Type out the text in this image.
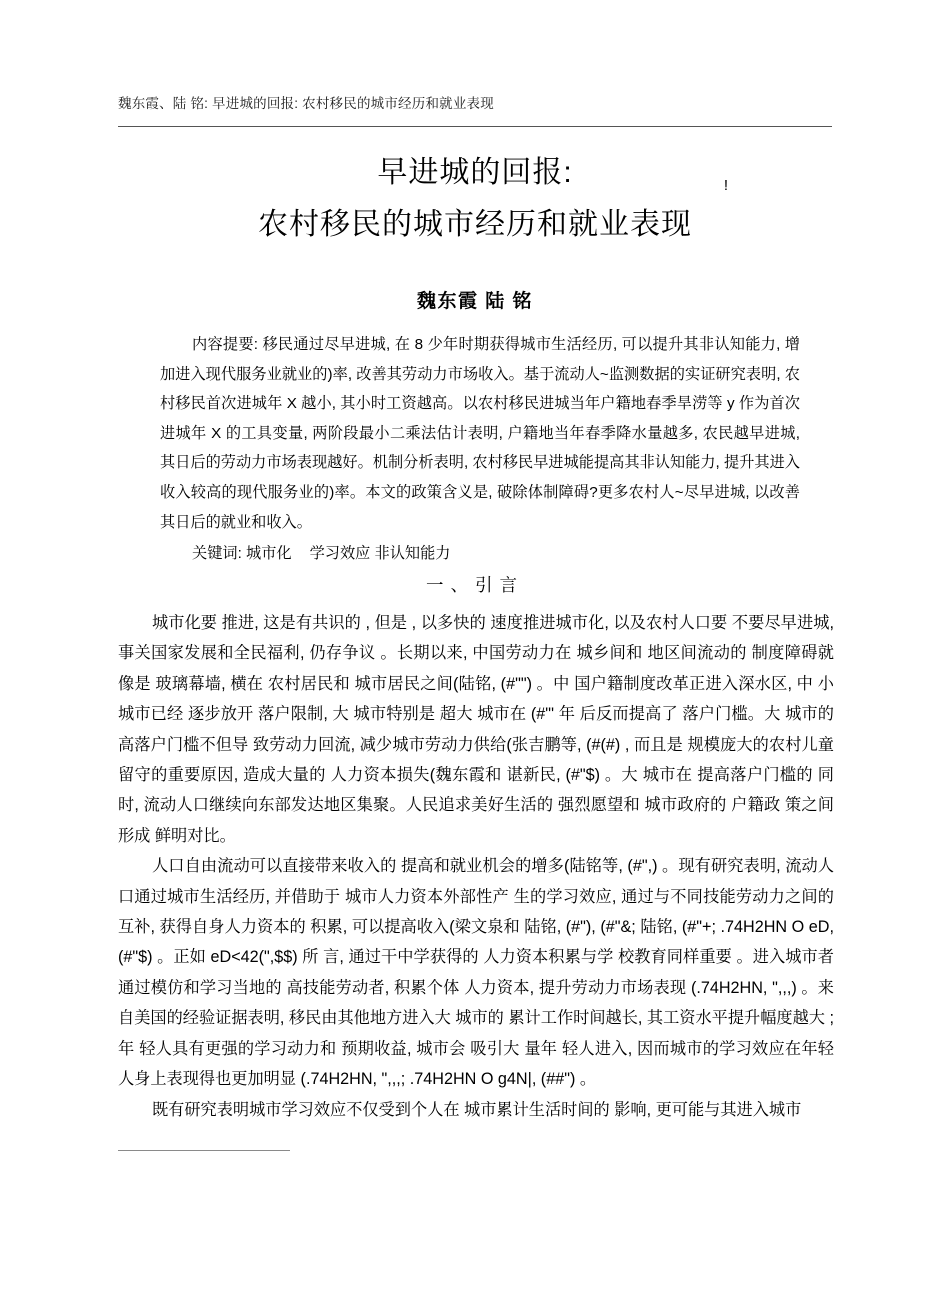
魏东霞、陆 铭: 早进城的回报: 农村移民的城市经历和就业表现
早进城的回报:	!
农村移民的城市经历和就业表现
魏东霞 陆 铭

内容提要: 移民通过尽早进城, 在 8 少年时期获得城市生活经历, 可以提升其非认知能力, 增加进入现代服务业就业的)率, 改善其劳动力市场收入。基于流动人~监测数据的实证研究表明, 农村移民首次进城年 X 越小, 其小时工资越高。以农村移民进城当年户籍地春季旱涝等 y 作为首次进城年 X 的工具变量, 两阶段最小二乘法估计表明, 户籍地当年春季降水量越多, 农民越早进城, 其日后的劳动力市场表现越好。机制分析表明, 农村移民早进城能提高其非认知能力, 提升其进入收入较高的现代服务业的)率。本文的政策含义是, 破除体制障碍?更多农村人~尽早进城, 以改善其日后的就业和收入。

关键词: 城市化 学习效应 非认知能力

一、引言

城市化要 推进, 这是有共识的 , 但是 , 以多快的 速度推进城市化, 以及农村人口要 不要尽早进城, 事关国家发展和全民福利, 仍存争议 。长期以来, 中国劳动力在 城乡间和 地区间流动的 制度障碍就 像是 玻璃幕墙, 横在 农村居民和 城市居民之间(陆铭, (#"") 。中 国户籍制度改革正进入深水区, 中 小城市已经 逐步放开 落户限制, 大 城市特别是 超大 城市在 (#"' 年 后反而提高了 落户门槛。大 城市的 高落户门槛不但导 致劳动力回流, 减少城市劳动力供给(张吉鹏等, (#(#) , 而且是 规模庞大的农村儿童留守的重要原因, 造成大量的 人力资本损失(魏东霞和 谌新民, (#"$) 。大 城市在 提高落户门槛的 同时, 流动人口继续向东部发达地区集聚。人民追求美好生活的 强烈愿望和 城市政府的 户籍政 策之间形成 鲜明对比。

人口自由流动可以直接带来收入的 提高和就业机会的增多(陆铭等, (#",) 。现有研究表明, 流动人口通过城市生活经历, 并借助于 城市人力资本外部性产 生的学习效应, 通过与不同技能劳动力之间的 互补, 获得自身人力资本的 积累, 可以提高收入(梁文泉和 陆铭, (#"), (#"&; 陆铭, (#"+; .74H2HN O eD, (#"$) 。正如 eD<42(",$$) 所 言, 通过干中学获得的 人力资本积累与学 校教育同样重要 。进入城市者通过模仿和学习当地的 高技能劳动者, 积累个体 人力资本, 提升劳动力市场表现 (.74H2HN, ",,,) 。来自美国的经验证据表明, 移民由其他地方进入大 城市的 累计工作时间越长, 其工资水平提升幅度越大 ; 年 轻人具有更强的学习动力和 预期收益, 城市会 吸引大 量年 轻人进入, 因而城市的学习效应在年轻人身上表现得也更加明显 (.74H2HN, ",,,; .74H2HN O g4N|, (##") 。

既有研究表明城市学习效应不仅受到个人在 城市累计生活时间的 影响, 更可能与其进入城市
